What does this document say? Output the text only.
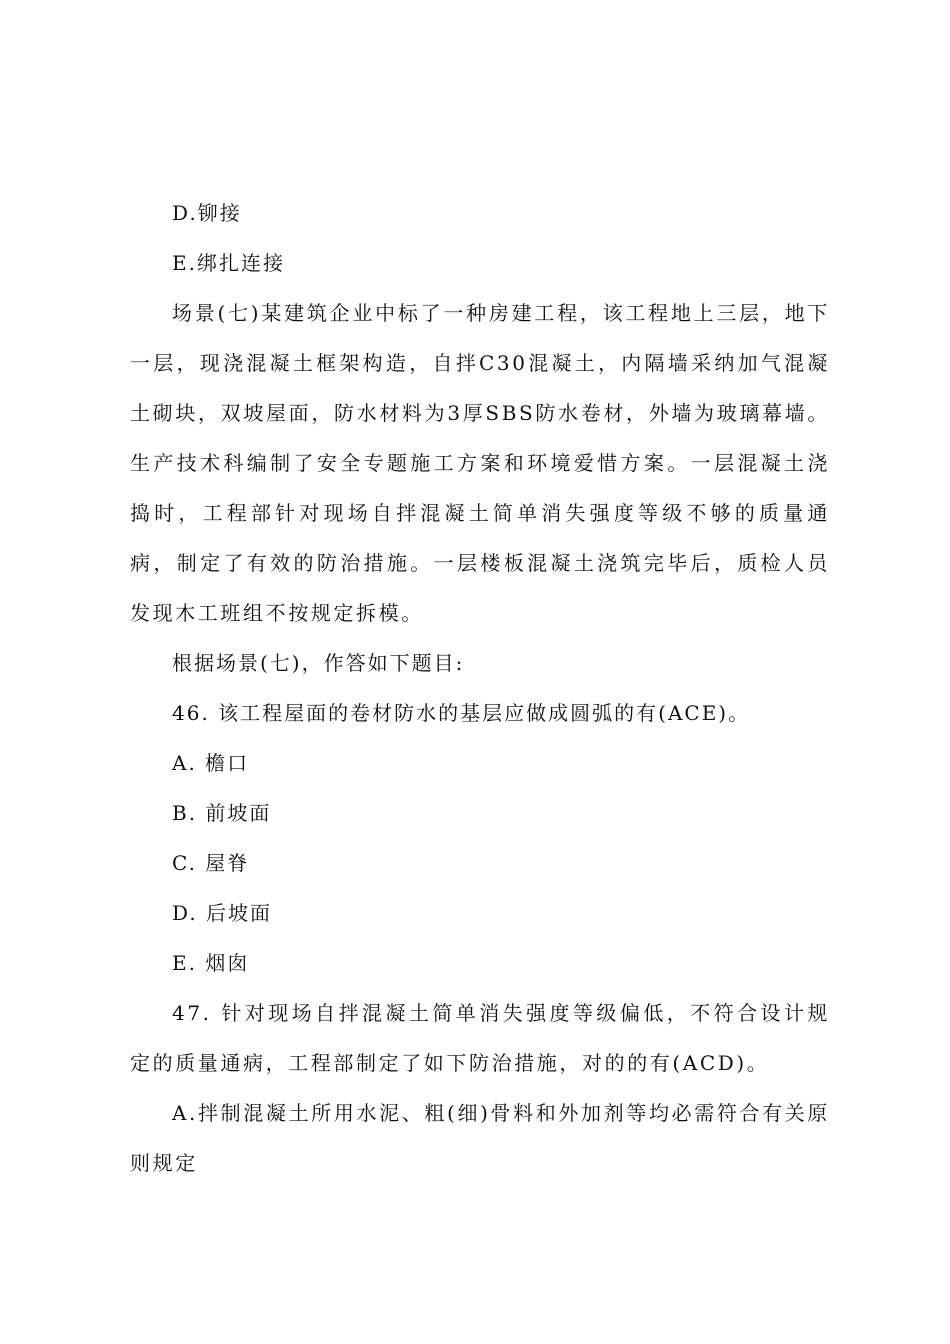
D.铆接
E.绑扎连接
场景(七)某建筑企业中标了一种房建工程，该工程地上三层，地下一层，现浇混凝土框架构造，自拌C30混凝土，内隔墙采纳加气混凝土砌块，双坡屋面，防水材料为3厚SBS防水卷材，外墙为玻璃幕墙。生产技术科编制了安全专题施工方案和环境爱惜方案。一层混凝土浇捣时，工程部针对现场自拌混凝土简单消失强度等级不够的质量通病，制定了有效的防治措施。一层楼板混凝土浇筑完毕后，质检人员发现木工班组不按规定拆模。
根据场景(七)，作答如下题目:
46. 该工程屋面的卷材防水的基层应做成圆弧的有(ACE)。
A. 檐口
B. 前坡面
C. 屋脊
D. 后坡面
E. 烟囱
47. 针对现场自拌混凝土简单消失强度等级偏低，不符合设计规定的质量通病，工程部制定了如下防治措施，对的的有(ACD)。
A.拌制混凝土所用水泥、粗(细)骨料和外加剂等均必需符合有关原则规定
